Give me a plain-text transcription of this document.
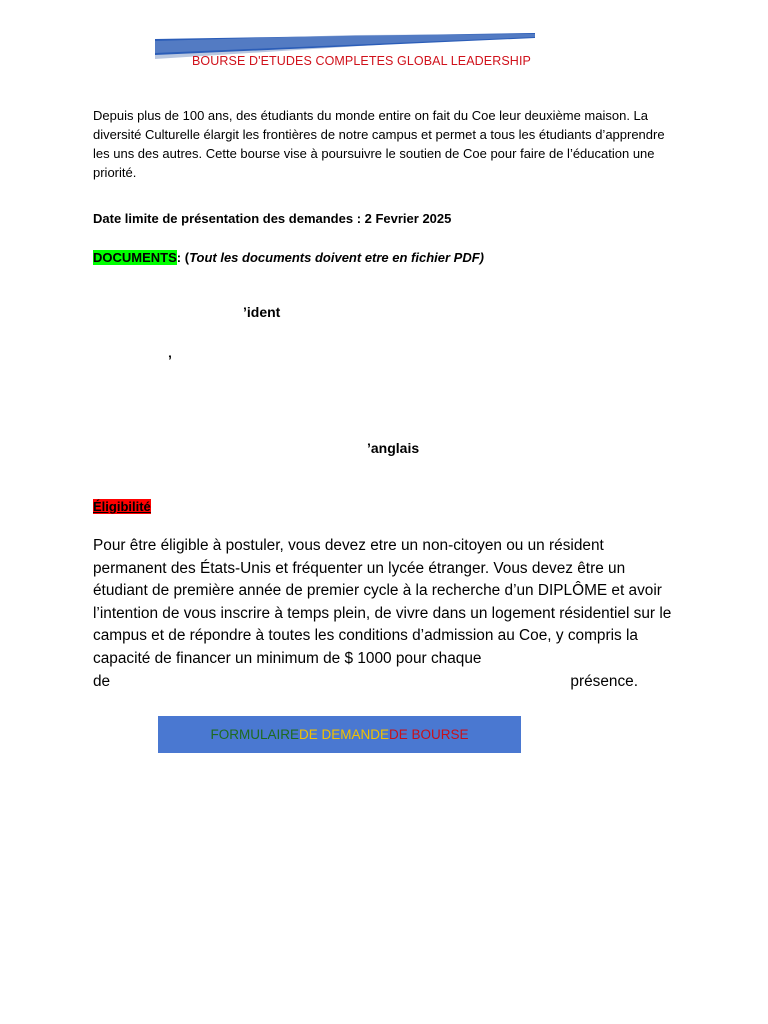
BOURSE D'ETUDES COMPLETES GLOBAL LEADERSHIP

Depuis plus de 100 ans, des étudiants du monde entire on fait du Coe leur deuxième maison. La diversité Culturelle élargit les frontières de notre campus et permet a tous les étudiants d’apprendre les uns des autres. Cette bourse vise à poursuivre le soutien de Coe pour faire de l’éducation une priorité.

Date limite de présentation des demandes : 2 Fevrier 2025
DOCUMENTS: (Tout les documents doivent etre en fichier PDF)
’ident
’
’anglais
Éligibilité

Pour être éligible à postuler, vous devez etre un non-citoyen ou un résident permanent des États-Unis et fréquenter un lycée étranger. Vous devez être un étudiant de première année de premier cycle à la recherche d’un DIPLÔME et avoir l’intention de vous inscrire à temps plein, de vivre dans un logement résidentiel sur le campus et de répondre à toutes les conditions d’admission au Coe, y compris la capacité de financer un minimum de $ 1000 pour chaque

de	présence.
FORMULAIRE DE DEMANDE DE BOURSE
